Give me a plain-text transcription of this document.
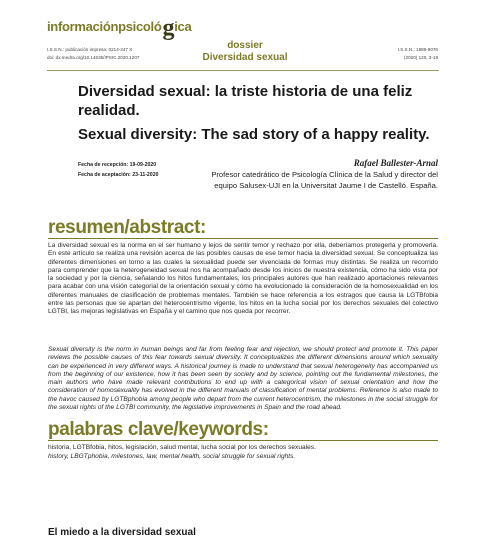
informaciónpsicológica
I.S.S.N.: publicación impresa: 0214-347 X
doi: dx.medra.org/10.14635/IPSIC.2020.1207
dossier
Diversidad sexual
I.S.S.N.: 1989-9076
(2020) 120, 3-19
Diversidad sexual: la triste historia de una feliz realidad.
Sexual diversity: The sad story of a happy reality.
Fecha de recepción: 19-09-2020
Fecha de aceptación: 23-11-2020
Rafael Ballester-Arnal
Profesor catedrático de Psicología Clínica de la Salud y director del equipo Salusex-UJI en la Universitat Jaume I de Castelló. España.
resumen/abstract:
La diversidad sexual es la norma en el ser humano y lejos de sentir temor y rechazo por ella, deberíamos protegerla y promoverla. En este artículo se realiza una revisión acerca de las posibles causas de ese temor hacia la diversidad sexual. Se conceptualiza las diferentes dimensiones en torno a las cuales la sexualidad puede ser vivenciada de formas muy distintas. Se realiza un recorrido para comprender que la heterogeneidad sexual nos ha acompañado desde los inicios de nuestra existencia, cómo ha sido vista por la sociedad y por la ciencia, señalando los hitos fundamentales, los principales autores que han realizado aportaciones relevantes para acabar con una visión categorial de la orientación sexual y cómo ha evolucionado la consideración de la homosexualidad en los diferentes manuales de clasificación de problemas mentales. También se hace referencia a los estragos que causa la LGTBfobia entre las personas que se apartan del heterocentrismo vigente, los hitos en la lucha social por los derechos sexuales del colectivo LGTBI, las mejoras legislativas en España y el camino que nos queda por recorrer.
Sexual diversity is the norm in human beings and far from feeling fear and rejection, we should protect and promote it. This paper reviews the possible causes of this fear towards sexual diversity. It conceptualizes the different dimensions around which sexuality can be experienced in very different ways. A historical journey is made to understand that sexual heterogeneity has accompanied us from the beginning of our existence, how it has been seen by society and by science, pointing out the fundamental milestones, the main authors who have made relevant contributions to end up with a categorical vision of sexual orientation and how the consideration of homosexuality has evolved in the different manuals of classification of mental problems. Reference is also made to the havoc caused by LGTBphobia among people who depart from the current heterocentrism, the milestones in the social struggle for the sexual rights of the LGTBI community, the legislative improvements in Spain and the road ahead.
palabras clave/keywords:
historia, LGTBfobia, hitos, legislación, salud mental, lucha social por los derechos sexuales.
history, LBGTphobia, milestones, law, mental health, social struggle for sexual rights.
El miedo a la diversidad sexual
